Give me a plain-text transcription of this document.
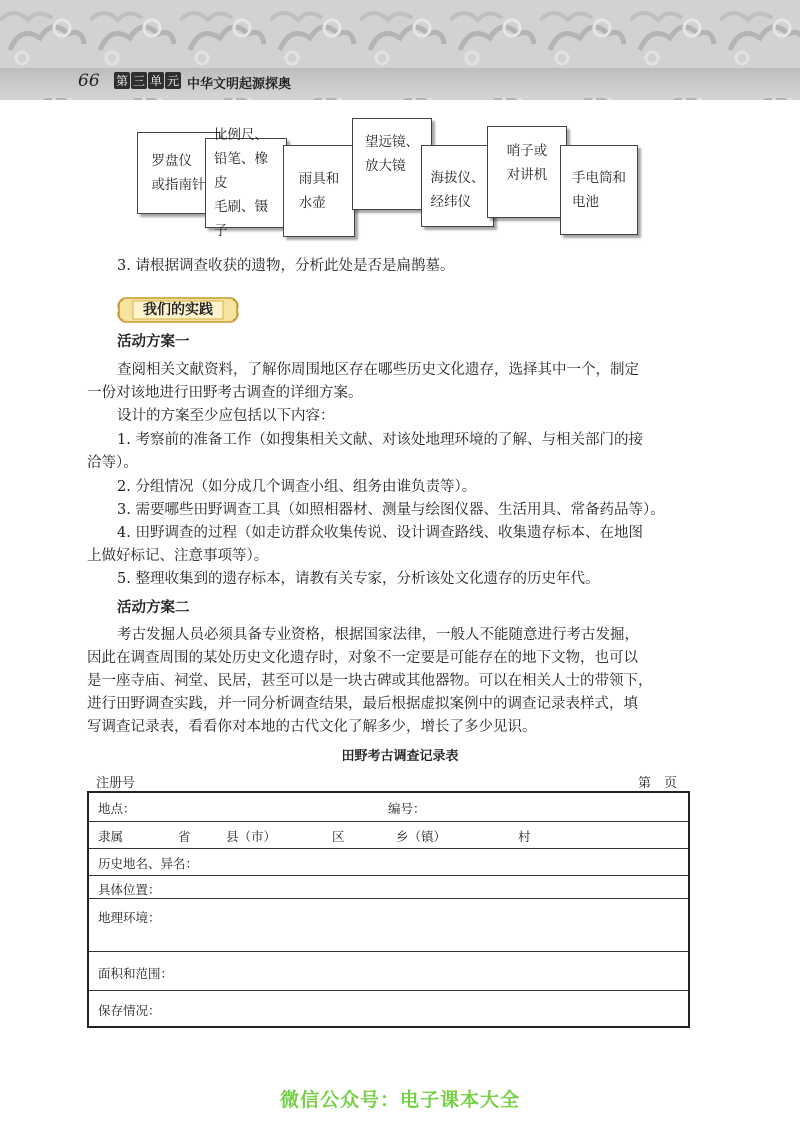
66 第 三 单 元 中华文明起源探奥
罗盘仪
或指南针
比例尺、
铅笔、橡皮
毛刷、镊子
雨具和
水壶
望远镜、
放大镜
海拔仪、
经纬仪
哨子或
对讲机 手电筒和
电池
3. 请根据调查收获的遗物，分析此处是否是扁鹊墓。
我们的实践
活动方案一
查阅相关文献资料，了解你周围地区存在哪些历史文化遗存，选择其中一个，制定
一份对该地进行田野考古调查的详细方案。
设计的方案至少应包括以下内容：
1. 考察前的准备工作（如搜集相关文献、对该处地理环境的了解、与相关部门的接
洽等）。
2. 分组情况（如分成几个调查小组、组务由谁负责等）。
3. 需要哪些田野调查工具（如照相器材、测量与绘图仪器、生活用具、常备药品等）。
4. 田野调查的过程（如走访群众收集传说、设计调查路线、收集遗存标本、在地图
上做好标记、注意事项等）。
5. 整理收集到的遗存标本，请教有关专家，分析该处文化遗存的历史年代。
活动方案二
考古发掘人员必须具备专业资格，根据国家法律，一般人不能随意进行考古发掘，
因此在调查周围的某处历史文化遗存时，对象不一定要是可能存在的地下文物，也可以
是一座寺庙、祠堂、民居，甚至可以是一块古碑或其他器物。可以在相关人士的带领下，
进行田野调查实践，并一同分析调查结果，最后根据虚拟案例中的调查记录表样式，填
写调查记录表，看看你对本地的古代文化了解多少，增长了多少见识。
田野考古调查记录表
注册号	第　页
地点：	编号：

隶属	省	县（市）	区	乡（镇）	村

历史地名、异名：

具体位置：

地理环境：

面积和范围：

保存情况：
微信公众号：电子课本大全
